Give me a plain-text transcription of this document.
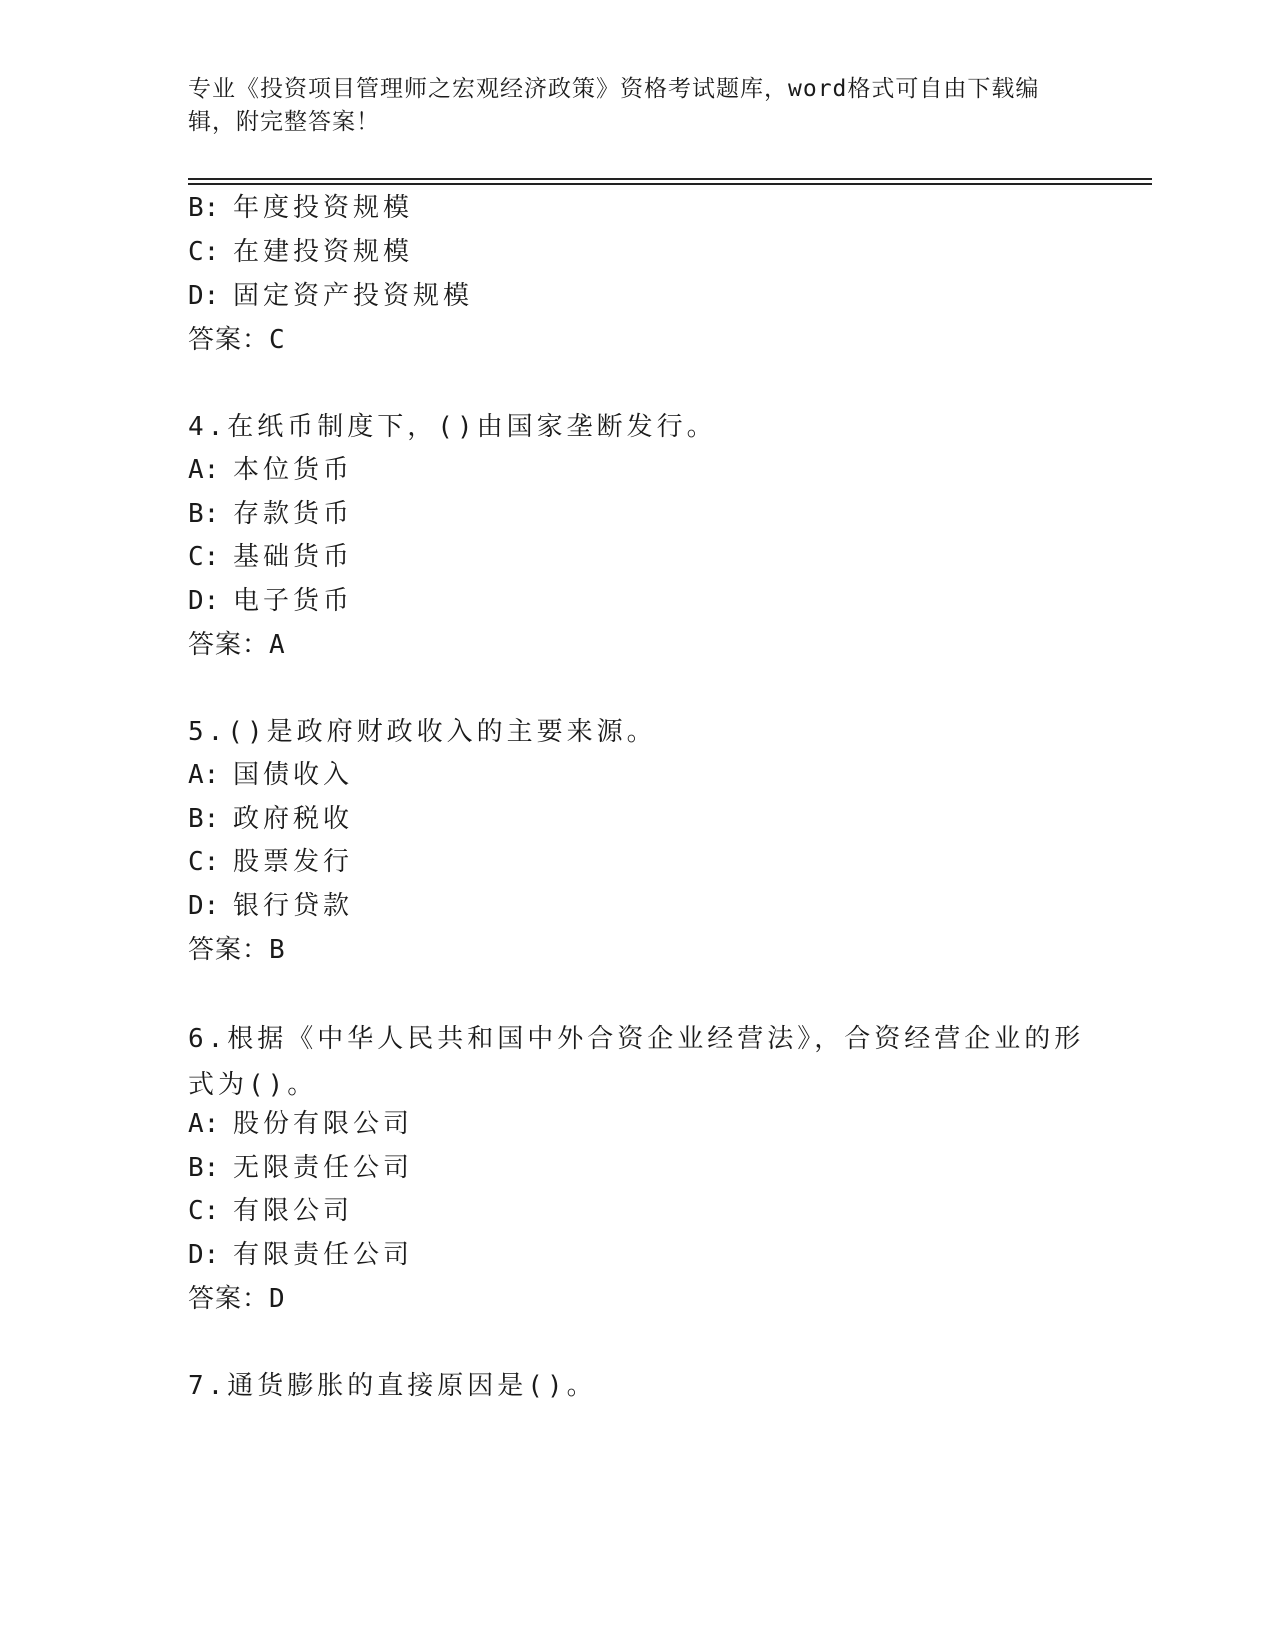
专业《投资项目管理师之宏观经济政策》资格考试题库，word格式可自由下载编辑，附完整答案！
B: 年度投资规模
C: 在建投资规模
D: 固定资产投资规模
答案：C
4.在纸币制度下，()由国家垄断发行。
A: 本位货币
B: 存款货币
C: 基础货币
D: 电子货币
答案：A
5.()是政府财政收入的主要来源。
A: 国债收入
B: 政府税收
C: 股票发行
D: 银行贷款
答案：B
6.根据《中华人民共和国中外合资企业经营法》，合资经营企业的形式为()。
A: 股份有限公司
B: 无限责任公司
C: 有限公司
D: 有限责任公司
答案：D
7.通货膨胀的直接原因是()。
